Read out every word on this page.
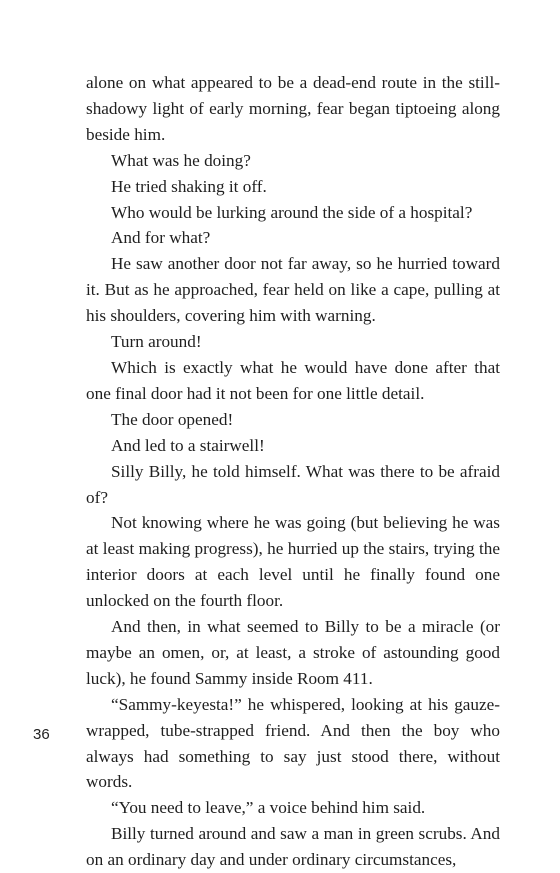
alone on what appeared to be a dead-end route in the still-shadowy light of early morning, fear began tiptoeing along beside him.

What was he doing?

He tried shaking it off.

Who would be lurking around the side of a hospital?

And for what?

He saw another door not far away, so he hurried toward it. But as he approached, fear held on like a cape, pulling at his shoulders, covering him with warning.

Turn around!

Which is exactly what he would have done after that one final door had it not been for one little detail.

The door opened!

And led to a stairwell!

Silly Billy, he told himself. What was there to be afraid of?

Not knowing where he was going (but believing he was at least making progress), he hurried up the stairs, trying the interior doors at each level until he finally found one unlocked on the fourth floor.

And then, in what seemed to Billy to be a miracle (or maybe an omen, or, at least, a stroke of astounding good luck), he found Sammy inside Room 411.

“Sammy-keyesta!” he whispered, looking at his gauze-wrapped, tube-strapped friend. And then the boy who always had something to say just stood there, without words.

“You need to leave,” a voice behind him said.

Billy turned around and saw a man in green scrubs. And on an ordinary day and under ordinary circumstances,

36
